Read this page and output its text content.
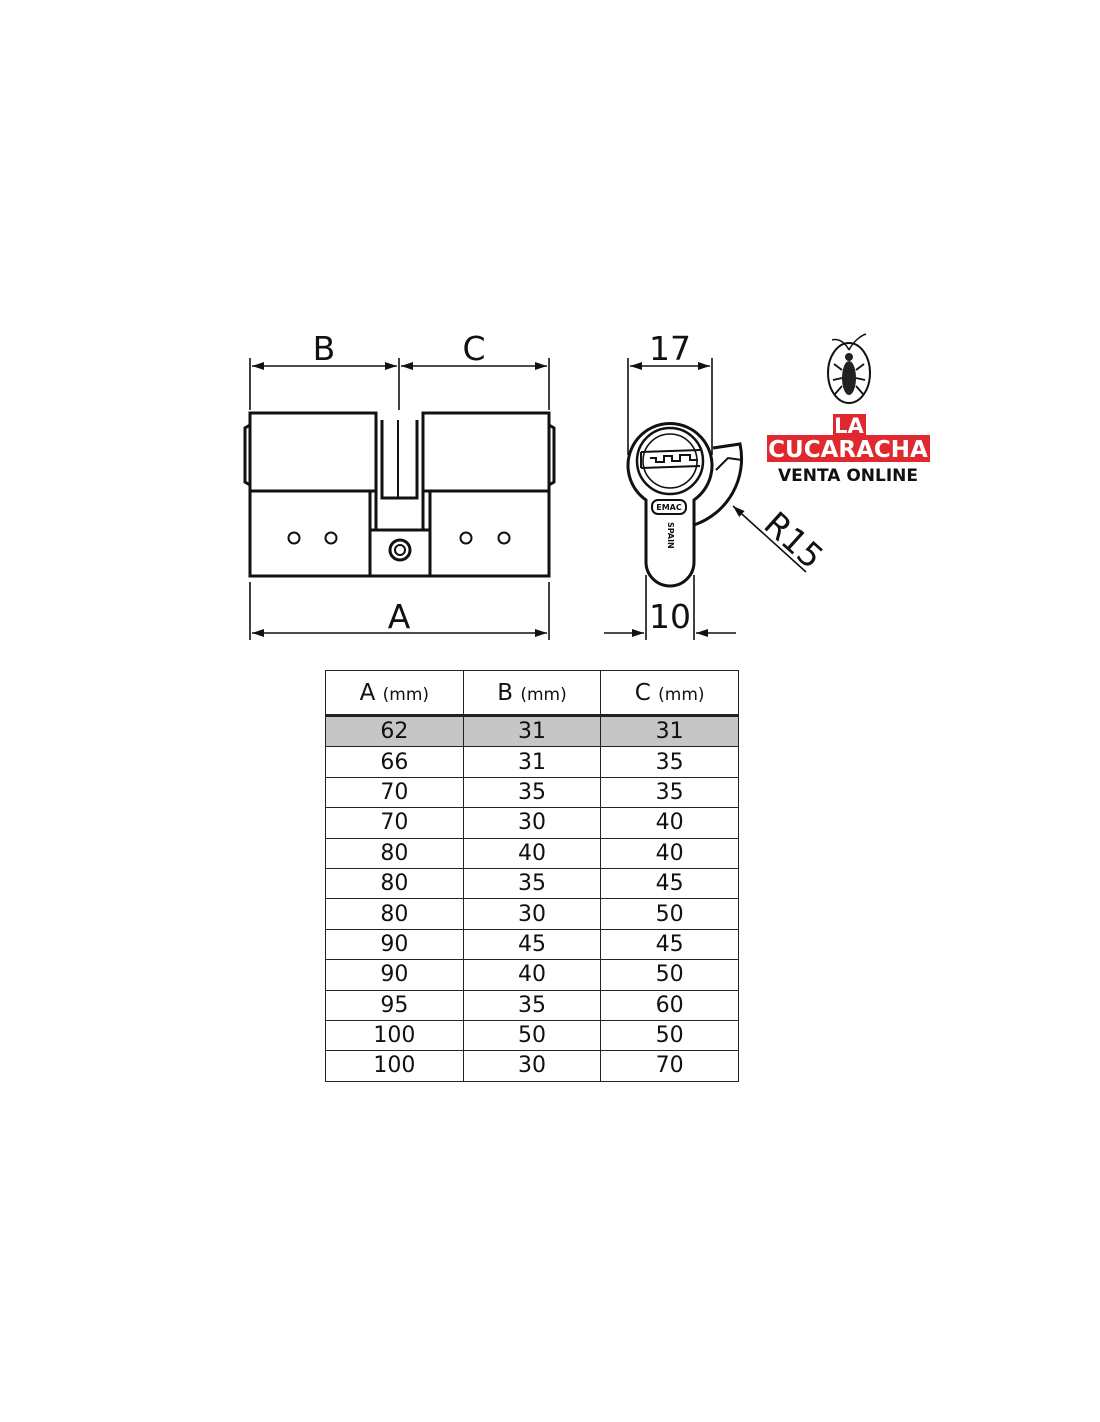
B	C
A
EMAC
SPAIN
17
10
R15
LA
CUCARACHA
VENTA ONLINE
A (mm)	B (mm)	C (mm)
62	31	31
66	31	35
70	35	35
70	30	40
80	40	40
80	35	45
80	30	50
90	45	45
90	40	50
95	35	60
100	50	50
100	30	70
